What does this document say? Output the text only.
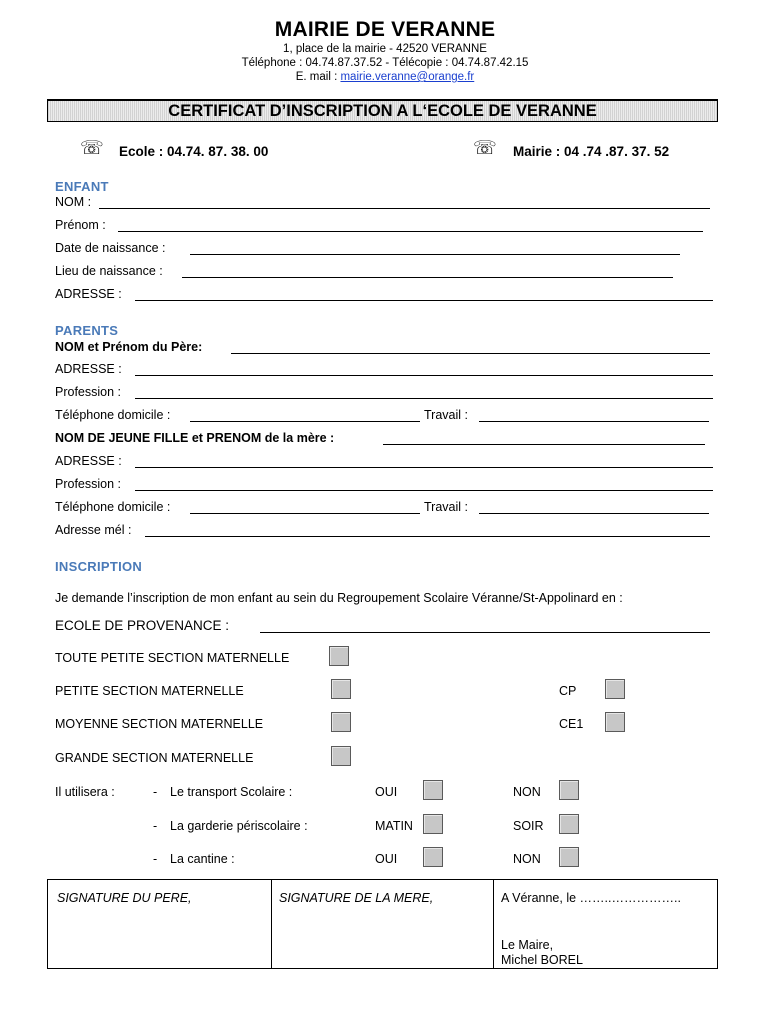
MAIRIE DE VERANNE
1, place de la mairie - 42520 VERANNE
Téléphone : 04.74.87.37.52 - Télécopie : 04.74.87.42.15
E. mail : mairie.veranne@orange.fr
CERTIFICAT D’INSCRIPTION A L‘ECOLE DE VERANNE
☏ Ecole : 04.74. 87. 38. 00	☏ Mairie : 04 .74 .87. 37. 52
ENFANT
NOM :
Prénom :
Date de naissance :
Lieu de naissance :
ADRESSE :
PARENTS
NOM et Prénom du Père:
ADRESSE :
Profession :
Téléphone domicile :	Travail :
NOM DE JEUNE FILLE et PRENOM de la mère :
ADRESSE :
Profession :
Téléphone domicile :	Travail :
Adresse mél :
INSCRIPTION
Je demande l’inscription de mon enfant au sein du Regroupement Scolaire Véranne/St-Appolinard en :
ECOLE DE PROVENANCE :
TOUTE PETITE SECTION MATERNELLE
PETITE SECTION MATERNELLE	CP
MOYENNE SECTION MATERNELLE	CE1
GRANDE SECTION MATERNELLE
Il utilisera :	- Le transport Scolaire :	OUI	NON
- La garderie périscolaire :	MATIN	SOIR
- La cantine :	OUI	NON
SIGNATURE DU PERE,	SIGNATURE DE LA MERE,	A Véranne, le ……..……………..
Le Maire,
Michel BOREL
